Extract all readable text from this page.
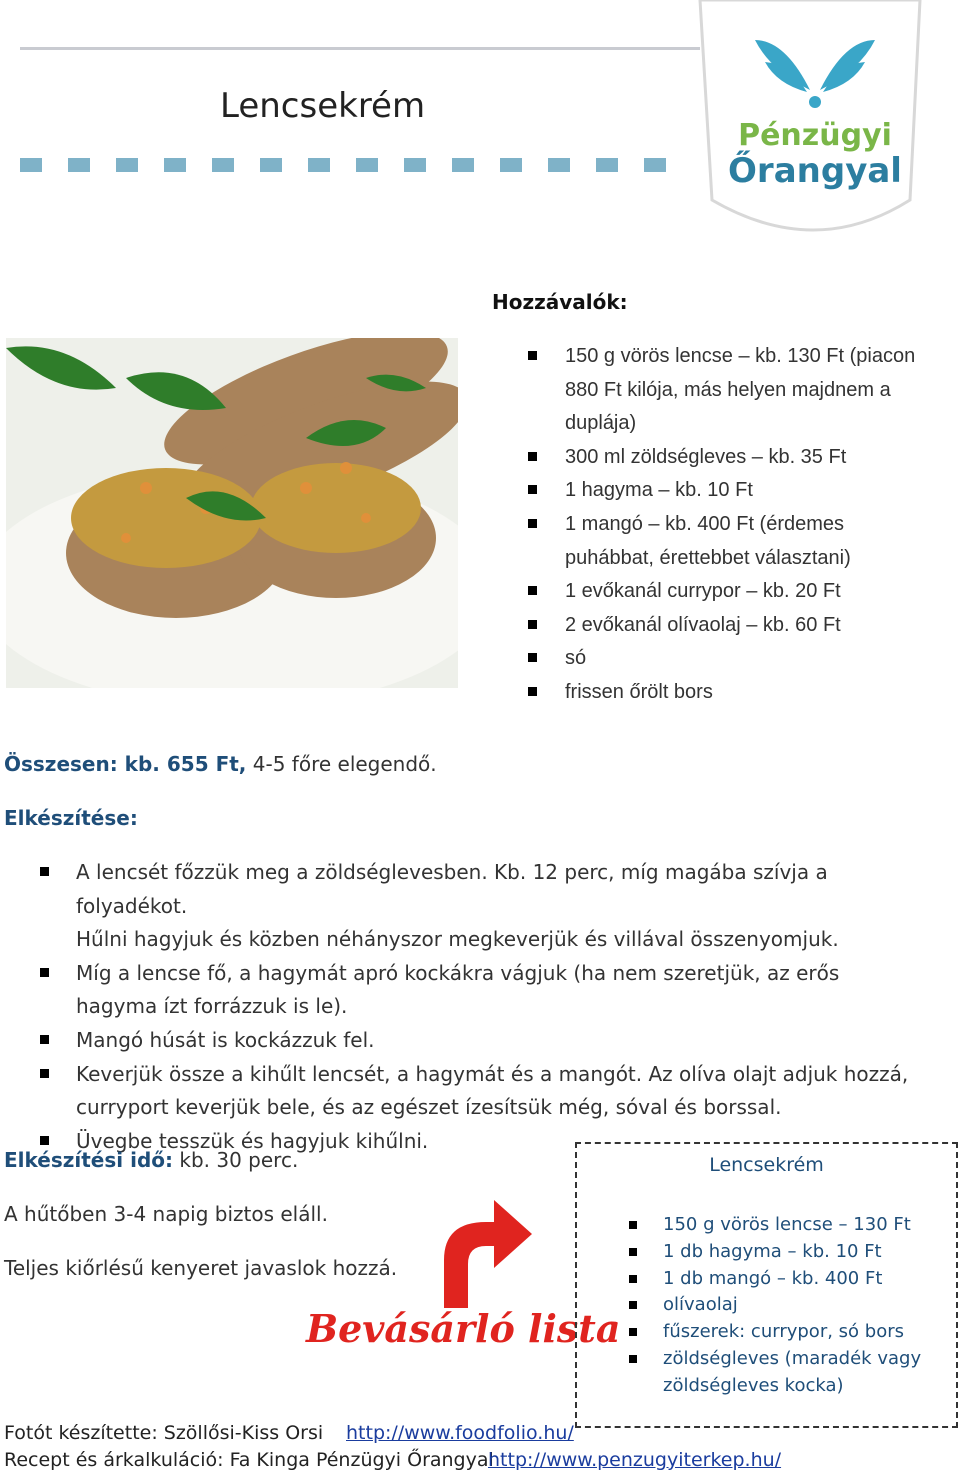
Lencsekrém
Pénzügyi
Őrangyal
Hozzávalók:
150 g vörös lencse – kb. 130 Ft (piacon 880 Ft kilója, más helyen majdnem a duplája)
300 ml zöldségleves – kb. 35 Ft
1 hagyma – kb. 10 Ft
1 mangó – kb. 400 Ft (érdemes puhábbat, érettebbet választani)
1 evőkanál currypor – kb. 20 Ft
2 evőkanál olívaolaj – kb. 60 Ft
só
frissen őrölt bors
Összesen: kb. 655 Ft, 4-5 főre elegendő.
Elkészítése:
A lencsét főzzük meg a zöldséglevesben. Kb. 12 perc, míg magába szívja a folyadékot.
Hűlni hagyjuk és közben néhányszor megkeverjük és villával összenyomjuk.
Míg a lencse fő, a hagymát apró kockákra vágjuk (ha nem szeretjük, az erős hagyma ízt forrázzuk is le).
Mangó húsát is kockázzuk fel.
Keverjük össze a kihűlt lencsét, a hagymát és a mangót. Az olíva olajt adjuk hozzá, curryport keverjük bele, és az egészet ízesítsük még, sóval és borssal.
Üvegbe tesszük és hagyjuk kihűlni.
Elkészítési idő: kb. 30 perc.
A hűtőben 3-4 napig biztos eláll.
Teljes kiőrlésű kenyeret javaslok hozzá.
Bevásárló lista
Lencsekrém
150 g vörös lencse – 130 Ft
1 db hagyma – kb. 10 Ft
1 db mangó – kb. 400 Ft
olívaolaj
fűszerek: currypor, só bors
zöldségleves (maradék vagy zöldségleves kocka)
Fotót készítette: Szöllősi-Kiss Orsi http://www.foodfolio.hu/
Recept és árkalkuláció: Fa Kinga Pénzügyi Őrangyal
http://www.penzugyiterkep.hu/
